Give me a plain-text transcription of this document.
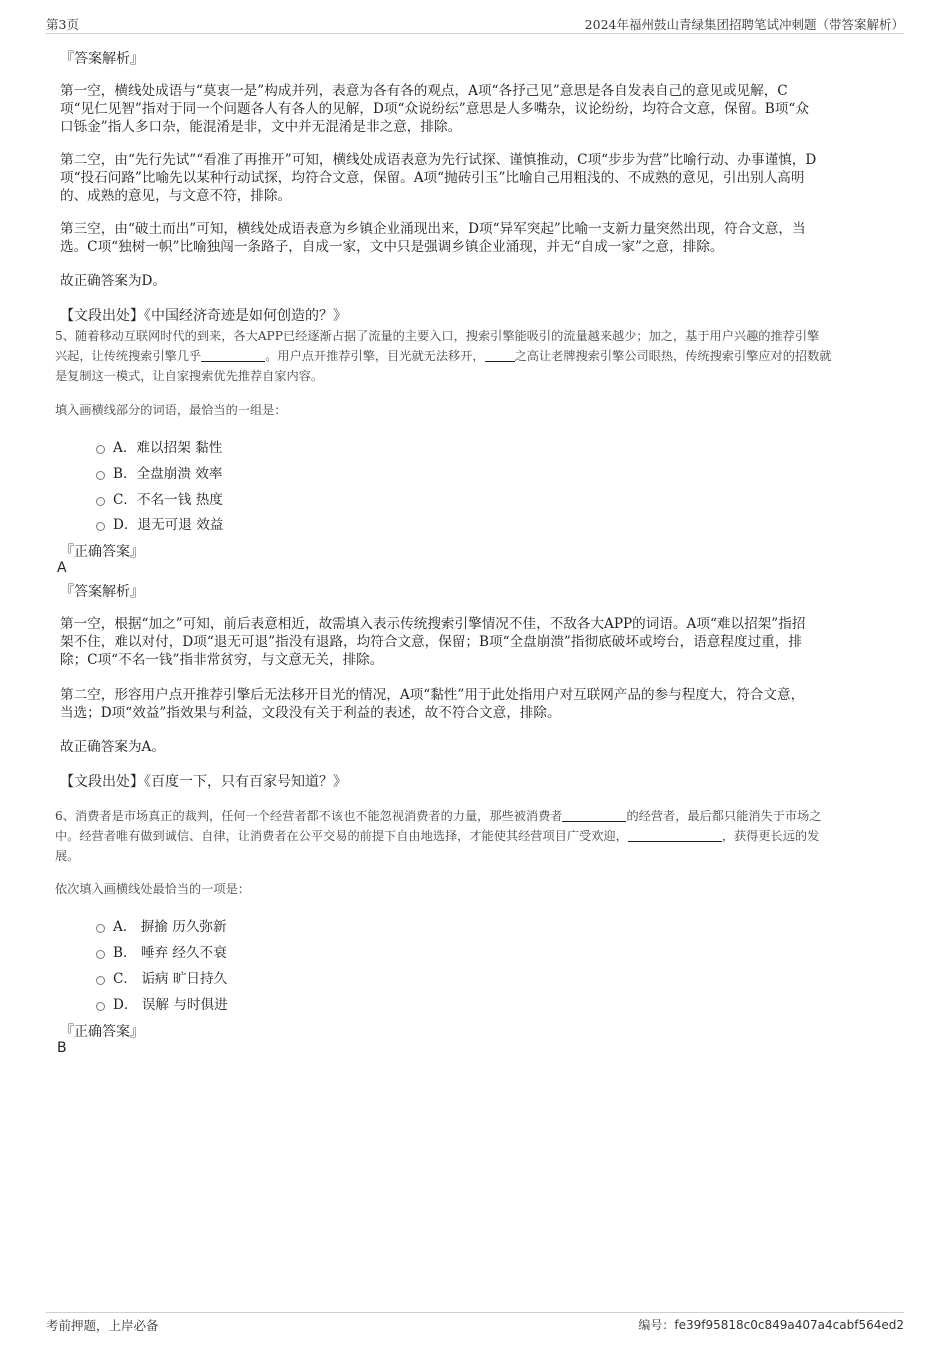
第3页	2024年福州鼓山青绿集团招聘笔试冲刺题（带答案解析）
『答案解析』
第一空，横线处成语与“莫衷一是”构成并列，表意为各有各的观点，A项“各抒己见”意思是各自发表自己的意见或见解，C
项“见仁见智”指对于同一个问题各人有各人的见解，D项“众说纷纭”意思是人多嘴杂，议论纷纷，均符合文意，保留。B项“众
口铄金”指人多口杂，能混淆是非，文中并无混淆是非之意，排除。
第二空，由“先行先试”“看准了再推开”可知，横线处成语表意为先行试探、谨慎推动，C项“步步为营”比喻行动、办事谨慎，D
项“投石问路”比喻先以某种行动试探，均符合文意，保留。A项“抛砖引玉”比喻自己用粗浅的、不成熟的意见，引出别人高明
的、成熟的意见，与文意不符，排除。
第三空，由“破土而出”可知，横线处成语表意为乡镇企业涌现出来，D项“异军突起”比喻一支新力量突然出现，符合文意，当
选。C项“独树一帜”比喻独闯一条路子，自成一家，文中只是强调乡镇企业涌现，并无“自成一家”之意，排除。
故正确答案为D。
【文段出处】《中国经济奇迹是如何创造的？》
5、随着移动互联网时代的到来，各大APP已经逐渐占据了流量的主要入口，搜索引擎能吸引的流量越来越少；加之，基于用户兴趣的推荐引擎
兴起，让传统搜索引擎几乎	。用户点开推荐引擎，目光就无法移开， 之高让老牌搜索引擎公司眼热，传统搜索引擎应对的招数就
是复制这一模式，让自家搜索优先推荐自家内容。
填入画横线部分的词语，最恰当的一组是：
A．难以招架 黏性
B．全盘崩溃 效率
C．不名一钱 热度
D．退无可退 效益
『正确答案』
A
『答案解析』
第一空，根据“加之”可知，前后表意相近，故需填入表示传统搜索引擎情况不佳，不敌各大APP的词语。A项“难以招架”指招
架不住，难以对付，D项“退无可退”指没有退路，均符合文意，保留；B项“全盘崩溃”指彻底破坏或垮台，语意程度过重，排
除；C项“不名一钱”指非常贫穷，与文意无关，排除。
第二空，形容用户点开推荐引擎后无法移开目光的情况，A项“黏性”用于此处指用户对互联网产品的参与程度大，符合文意，
当选；D项“效益”指效果与利益，文段没有关于利益的表述，故不符合文意，排除。
故正确答案为A。
【文段出处】《百度一下，只有百家号知道？》
6、消费者是市场真正的裁判，任何一个经营者都不该也不能忽视消费者的力量，那些被消费者	的经营者，最后都只能消失于市场之
中。经营者唯有做到诚信、自律，让消费者在公平交易的前提下自由地选择，才能使其经营项目广受欢迎，	，获得更长远的发
展。
依次填入画横线处最恰当的一项是：
A． 摒揄 历久弥新
B． 唾弃 经久不衰
C． 诟病 旷日持久
D． 误解 与时俱进
『正确答案』
B
考前押题，上岸必备	编号：fe39f95818c0c849a407a4cabf564ed2
